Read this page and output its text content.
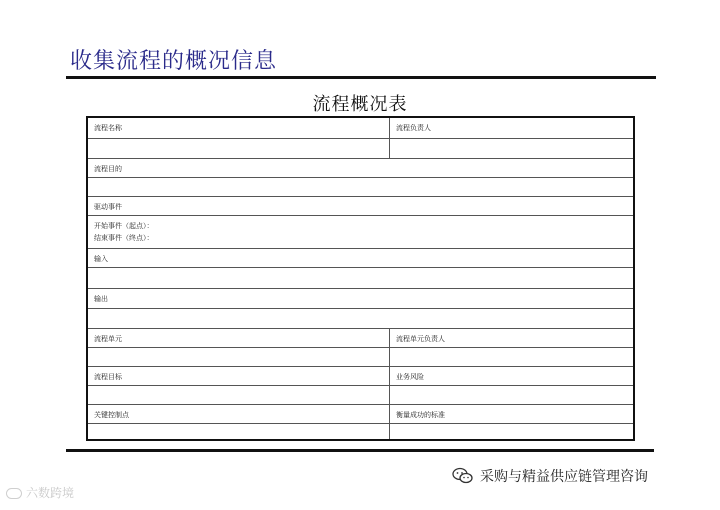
收集流程的概况信息
流程概况表
流程名称	流程负责人
流程目的
驱动事件
开始事件（起点）：
结束事件（终点）：
输入
输出
流程单元	流程单元负责人
流程目标	业务风险
关键控制点	衡量成功的标准
六数跨境
采购与精益供应链管理咨询
